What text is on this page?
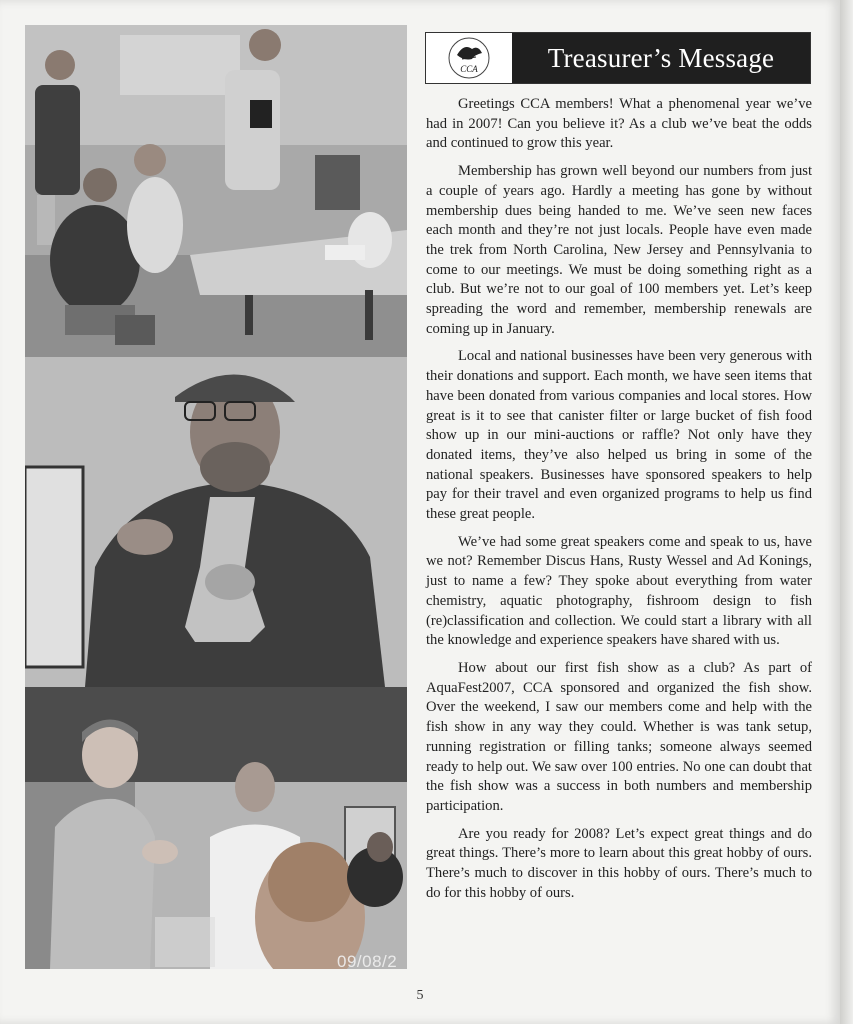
09/08/2
CCA	Treasurer’s Message

Greetings CCA members! What a phenomenal year we’ve had in 2007! Can you believe it? As a club we’ve beat the odds and continued to grow this year.

Membership has grown well beyond our numbers from just a couple of years ago. Hardly a meeting has gone by without membership dues being handed to me. We’ve seen new faces each month and they’re not just locals. People have even made the trek from North Carolina, New Jersey and Pennsylvania to come to our meetings. We must be doing something right as a club. But we’re not to our goal of 100 members yet. Let’s keep spreading the word and remember, membership renewals are coming up in January.

Local and national businesses have been very generous with their donations and support. Each month, we have seen items that have been donated from various companies and local stores. How great is it to see that canister filter or large bucket of fish food show up in our mini-auctions or raffle? Not only have they donated items, they’ve also helped us bring in some of the national speakers. Businesses have sponsored speakers to help pay for their travel and even organized programs to help us find these great people.

We’ve had some great speakers come and speak to us, have we not? Remember Discus Hans, Rusty Wessel and Ad Konings, just to name a few? They spoke about everything from water chemistry, aquatic photography, fishroom design to fish (re)classification and collection. We could start a library with all the knowledge and experience speakers have shared with us.

How about our first fish show as a club? As part of AquaFest2007, CCA sponsored and organized the fish show. Over the weekend, I saw our members come and help with the fish show in any way they could. Whether is was tank setup, running registration or filling tanks; someone always seemed ready to help out. We saw over 100 entries. No one can doubt that the fish show was a success in both numbers and membership participation.

Are you ready for 2008? Let’s expect great things and do great things. There’s more to learn about this great hobby of ours. There’s much to discover in this hobby of ours. There’s much to do for this hobby of ours.

5
